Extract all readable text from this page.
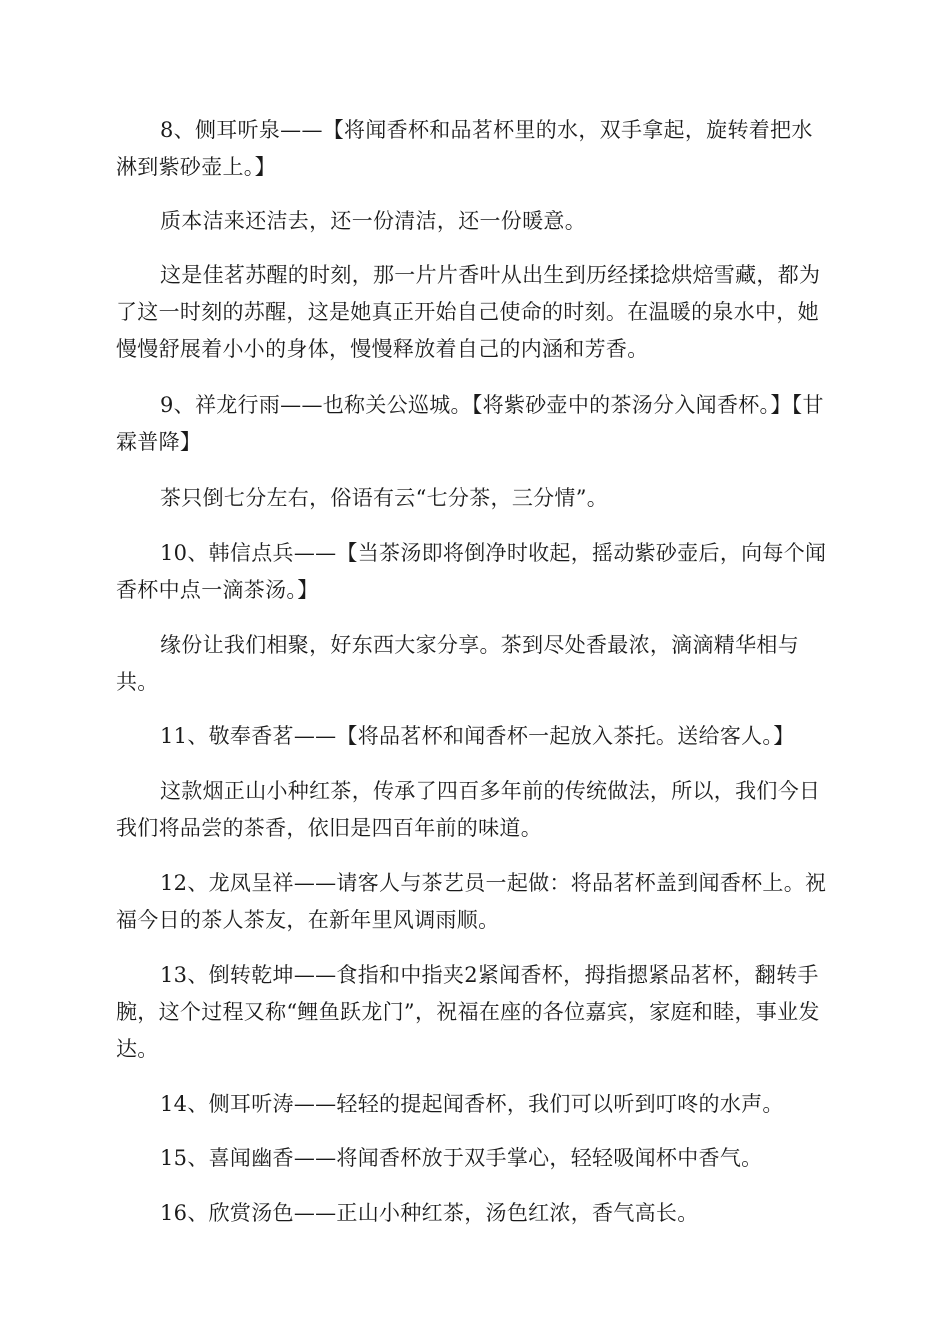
8、侧耳听泉——【将闻香杯和品茗杯里的水，双手拿起，旋转着把水淋到紫砂壶上。】

质本洁来还洁去，还一份清洁，还一份暖意。

这是佳茗苏醒的时刻，那一片片香叶从出生到历经揉捻烘焙雪藏，都为了这一时刻的苏醒，这是她真正开始自己使命的时刻。在温暖的泉水中，她慢慢舒展着小小的身体，慢慢释放着自己的内涵和芳香。

9、祥龙行雨——也称关公巡城。【将紫砂壶中的茶汤分入闻香杯。】【甘霖普降】

茶只倒七分左右，俗语有云“七分茶，三分情”。

10、韩信点兵——【当茶汤即将倒净时收起，摇动紫砂壶后，向每个闻香杯中点一滴茶汤。】

缘份让我们相聚，好东西大家分享。茶到尽处香最浓，滴滴精华相与共。

11、敬奉香茗——【将品茗杯和闻香杯一起放入茶托。送给客人。】

这款烟正山小种红茶，传承了四百多年前的传统做法，所以，我们今日我们将品尝的茶香，依旧是四百年前的味道。

12、龙凤呈祥——请客人与茶艺员一起做：将品茗杯盖到闻香杯上。祝福今日的茶人茶友，在新年里风调雨顺。

13、倒转乾坤——食指和中指夹2紧闻香杯，拇指摁紧品茗杯，翻转手腕，这个过程又称“鲤鱼跃龙门”，祝福在座的各位嘉宾，家庭和睦，事业发达。

14、侧耳听涛——轻轻的提起闻香杯，我们可以听到叮咚的水声。

15、喜闻幽香——将闻香杯放于双手掌心，轻轻吸闻杯中香气。

16、欣赏汤色——正山小种红茶，汤色红浓，香气高长。
